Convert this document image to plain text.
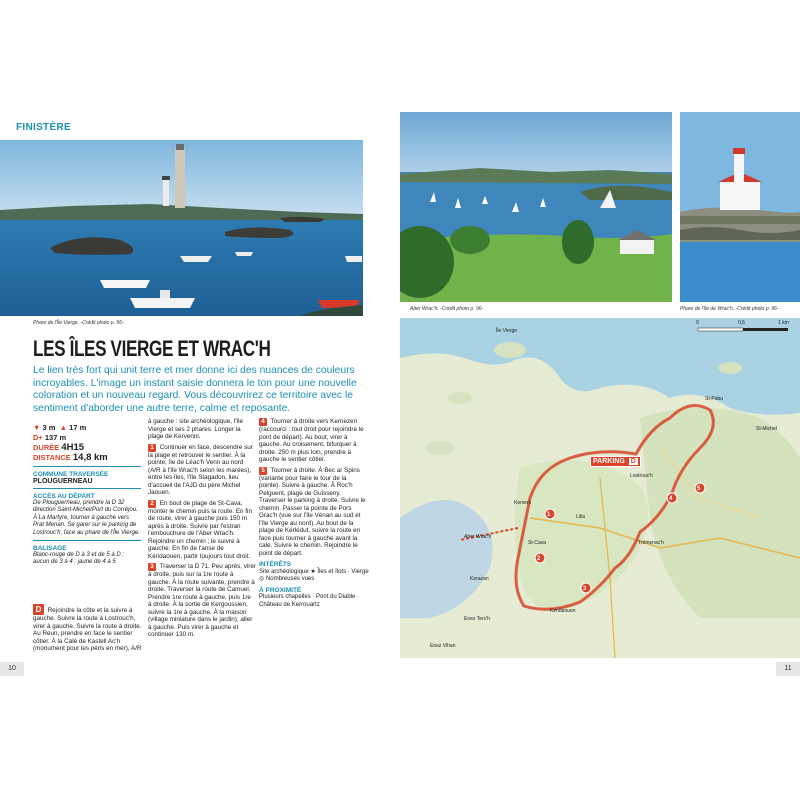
FINISTÈRE
Phare de l'Île Vierge. -Crédit photo p. 96-
LES ÎLES VIERGE ET WRAC'H

Le lien très fort qui unit terre et mer donne ici des nuances de couleurs incroyables. L'image un instant saisie donnera le ton pour une nouvelle coloration et un nouveau regard. Vous découvrirez ce territoire avec le sentiment d'aborder une autre terre, calme et reposante.

▼ 3 m ▲ 17 m
D+ 137 m
DURÉE 4H15
DISTANCE 14,8 km
COMMUNE TRAVERSÉE
PLOUGUERNEAU
ACCÈS AU DÉPART
De Plouguerneau, prendre la D 32 direction Saint-Michel/Port du Corréjou. À La Martyre, tourner à gauche vers Prat Menan. Se garer sur le parking de Lostrouc'h, face au phare de l'Île Vierge.
BALISAGE
Blanc-rouge de D à 3 et de 5 à D ; aucun de 3 à 4 ; jaune de 4 à 5

D Rejoindre la côte et la suivre à gauche. Suivre la route à Lostrouc'h, virer à gauche. Suivre la route à droite. Au Reun, prendre en face le sentier côtier. À la Calé de Kastell Ac'h (monument pour les péris en mer), A/R

à gauche : site archéologique, l'île Vierge et ses 2 phares. Longer la plage de Kervenni.

1 Continuer en face, descendre sur la plage et retrouver le sentier. À la pointe, île de Léac'h Venn au nord (A/R à l'île Wrac'h selon les marées), entre les îles, l'île Stagadon, lieu d'accueil de l'AJD du père Michel Jaouen.

2 En bout de plage de St-Cava, monter le chemin puis la route. En fin de route, virer à gauche puis 150 m après à droite. Suivre par l'estran l'embouchure de l'Aber Wrac'h. Rejoindre un chemin ; le suivre à gauche. En fin de l'anse de Kéridaouen, partir toujours tout droit.

3 Traverser la D 71. Peu après, virer à droite, puis sur la 1re route à gauche. À la route suivante, prendre à droite. Traverser la route de Camuel. Prendre 1re route à gauche, puis 1re à droite. À la sortie de Kergoussien, suivre la 1re à gauche. À la maison (village miniature dans le jardin), aller à gauche. Puis virer à gauche et continuer 130 m.

4 Tourner à droite vers Kernezen (raccourci : tout droit pour rejoindre le pont de départ). Au bout, virer à gauche. Au croisement, bifurquer à droite. 250 m plus loin, prendre à gauche le sentier côtier.

5 Tourner à droite. À Bec ar Spins (variante pour faire le tour de la pointe). Suivre à gauche. À Roc'h Pelguent, plage de Guisseny. Traverser le parking à droite. Suivre le chemin. Passer la pointe de Pors Grac'h (vue sur l'île Vénan au sud et l'île Vierge au nord). Au bout de la plage de Kérlédut, suivre la route en face puis tourner à gauche avant la cale. Suivre le chemin. Rejoindre le point de départ.

INTÉRÊTS
Site archéologique ★ Îles et îlots · Vierge ◎ Nombreuses vues
À PROXIMITÉ
Plusieurs chapelles · Pont du Diable · Château de Kerrouartz
10
Aber Wrac'h. -Crédit photo p. 96-	Phare de l'île de Wrac'h. -Crédit photo p. 96-
11
1
2
3
4
5
PARKING D
Île Vierge
St-Pabu
St-Michel
Lostrouc'h
Lilia
Trémenac'h
St-Cava
Kerverc
Kéridaouen
Kerazan
Enez Vihan
Enez Terc'h
Aber Wrac'h
0	0,5	1 km
